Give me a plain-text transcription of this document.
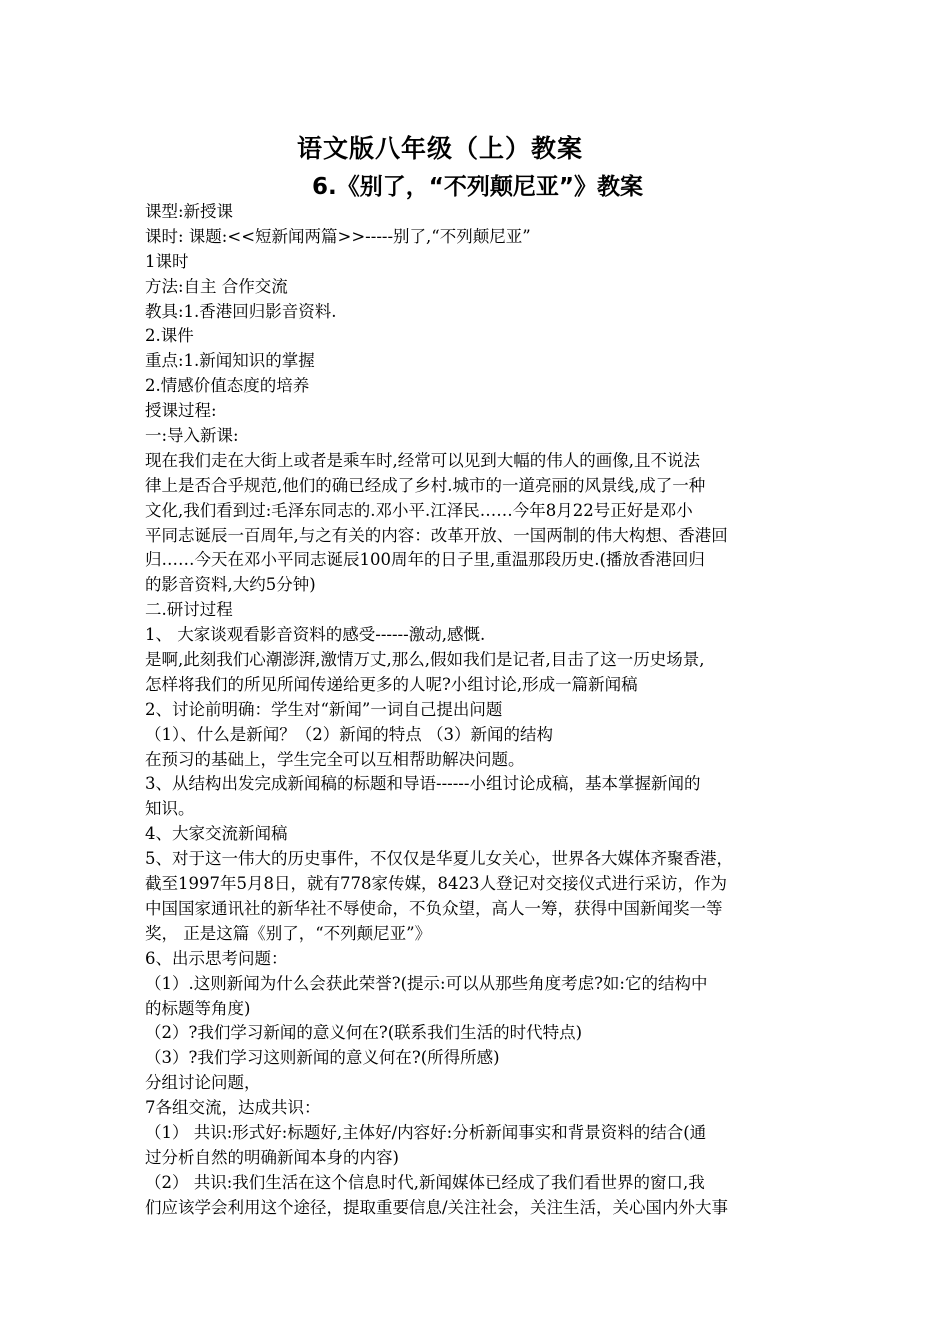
语文版八年级（上）教案
6.《别了，“不列颠尼亚”》教案
课型:新授课
课时: 课题:<<短新闻两篇>>-----别了,“不列颠尼亚”
1课时
方法:自主 合作交流
教具:1.香港回归影音资料.
2.课件
重点:1.新闻知识的掌握
2.情感价值态度的培养
授课过程:
一:导入新课:
现在我们走在大街上或者是乘车时,经常可以见到大幅的伟人的画像,且不说法
律上是否合乎规范,他们的确已经成了乡村.城市的一道亮丽的风景线,成了一种
文化,我们看到过:毛泽东同志的.邓小平.江泽民……今年8月22号正好是邓小
平同志诞辰一百周年,与之有关的内容：改革开放、一国两制的伟大构想、香港回
归……今天在邓小平同志诞辰100周年的日子里,重温那段历史.(播放香港回归
的影音资料,大约5分钟)
二.研讨过程
1、 大家谈观看影音资料的感受------激动,感慨.
是啊,此刻我们心潮澎湃,激情万丈,那么,假如我们是记者,目击了这一历史场景,
怎样将我们的所见所闻传递给更多的人呢?小组讨论,形成一篇新闻稿
2、讨论前明确：学生对“新闻”一词自己提出问题
（1）、什么是新闻？（2）新闻的特点 （3）新闻的结构
在预习的基础上，学生完全可以互相帮助解决问题。
3、从结构出发完成新闻稿的标题和导语------小组讨论成稿，基本掌握新闻的
知识。
4、大家交流新闻稿
5、对于这一伟大的历史事件，不仅仅是华夏儿女关心，世界各大媒体齐聚香港，
截至1997年5月8日，就有778家传媒，8423人登记对交接仪式进行采访，作为
中国国家通讯社的新华社不辱使命，不负众望，高人一筹，获得中国新闻奖一等
奖， 正是这篇《别了，“不列颠尼亚”》
6、出示思考问题：
（1）.这则新闻为什么会获此荣誉?(提示:可以从那些角度考虑?如:它的结构中
的标题等角度)
（2）?我们学习新闻的意义何在?(联系我们生活的时代特点)
（3）?我们学习这则新闻的意义何在?(所得所感)
分组讨论问题，
7各组交流，达成共识：
（1） 共识:形式好:标题好,主体好/内容好:分析新闻事实和背景资料的结合(通
过分析自然的明确新闻本身的内容)
（2） 共识:我们生活在这个信息时代,新闻媒体已经成了我们看世界的窗口,我
们应该学会利用这个途径，提取重要信息/关注社会，关注生活，关心国内外大事
